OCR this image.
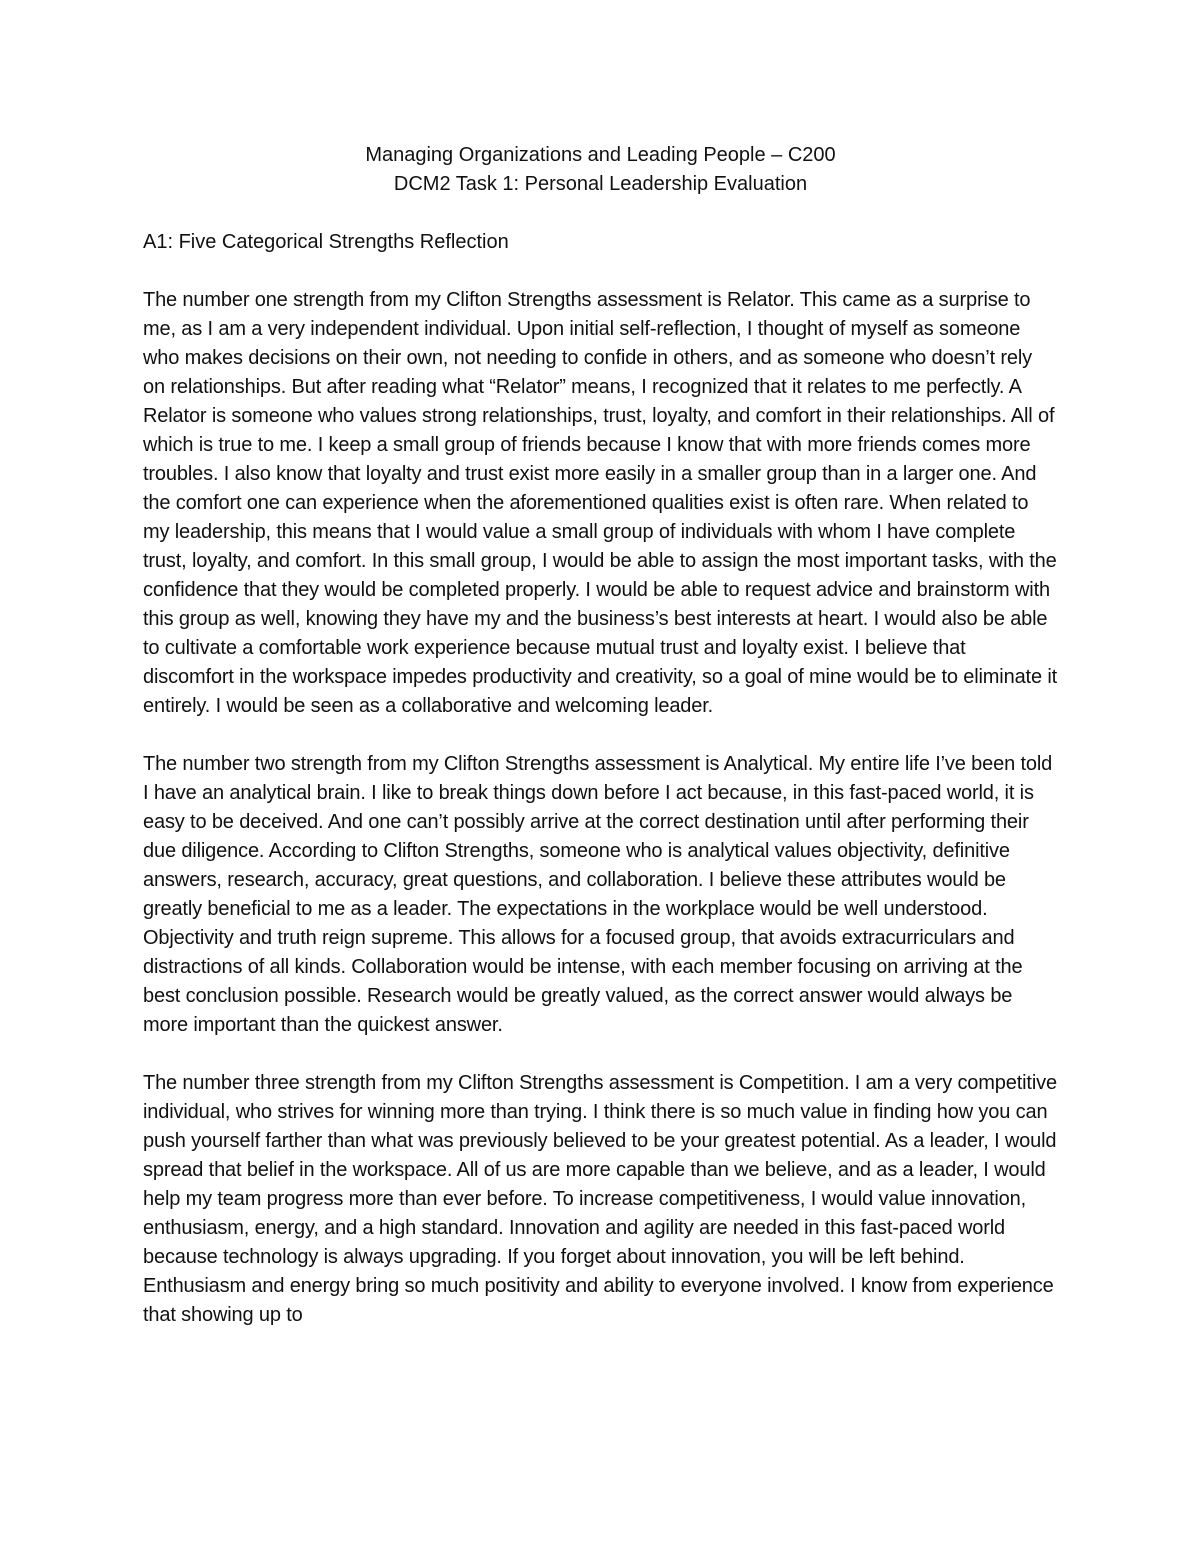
Managing Organizations and Leading People – C200

DCM2 Task 1: Personal Leadership Evaluation

A1: Five Categorical Strengths Reflection

The number one strength from my Clifton Strengths assessment is Relator. This came as a surprise to me, as I am a very independent individual. Upon initial self-reflection, I thought of myself as someone who makes decisions on their own, not needing to confide in others, and as someone who doesn’t rely on relationships. But after reading what “Relator” means, I recognized that it relates to me perfectly. A Relator is someone who values strong relationships, trust, loyalty, and comfort in their relationships. All of which is true to me. I keep a small group of friends because I know that with more friends comes more troubles. I also know that loyalty and trust exist more easily in a smaller group than in a larger one. And the comfort one can experience when the aforementioned qualities exist is often rare. When related to my leadership, this means that I would value a small group of individuals with whom I have complete trust, loyalty, and comfort. In this small group, I would be able to assign the most important tasks, with the confidence that they would be completed properly. I would be able to request advice and brainstorm with this group as well, knowing they have my and the business’s best interests at heart. I would also be able to cultivate a comfortable work experience because mutual trust and loyalty exist. I believe that discomfort in the workspace impedes productivity and creativity, so a goal of mine would be to eliminate it entirely. I would be seen as a collaborative and welcoming leader.

The number two strength from my Clifton Strengths assessment is Analytical. My entire life I’ve been told I have an analytical brain. I like to break things down before I act because, in this fast-paced world, it is easy to be deceived. And one can’t possibly arrive at the correct destination until after performing their due diligence. According to Clifton Strengths, someone who is analytical values objectivity, definitive answers, research, accuracy, great questions, and collaboration. I believe these attributes would be greatly beneficial to me as a leader. The expectations in the workplace would be well understood. Objectivity and truth reign supreme. This allows for a focused group, that avoids extracurriculars and distractions of all kinds. Collaboration would be intense, with each member focusing on arriving at the best conclusion possible. Research would be greatly valued, as the correct answer would always be more important than the quickest answer.

The number three strength from my Clifton Strengths assessment is Competition. I am a very competitive individual, who strives for winning more than trying. I think there is so much value in finding how you can push yourself farther than what was previously believed to be your greatest potential. As a leader, I would spread that belief in the workspace. All of us are more capable than we believe, and as a leader, I would help my team progress more than ever before. To increase competitiveness, I would value innovation, enthusiasm, energy, and a high standard. Innovation and agility are needed in this fast-paced world because technology is always upgrading. If you forget about innovation, you will be left behind. Enthusiasm and energy bring so much positivity and ability to everyone involved. I know from experience that showing up to
